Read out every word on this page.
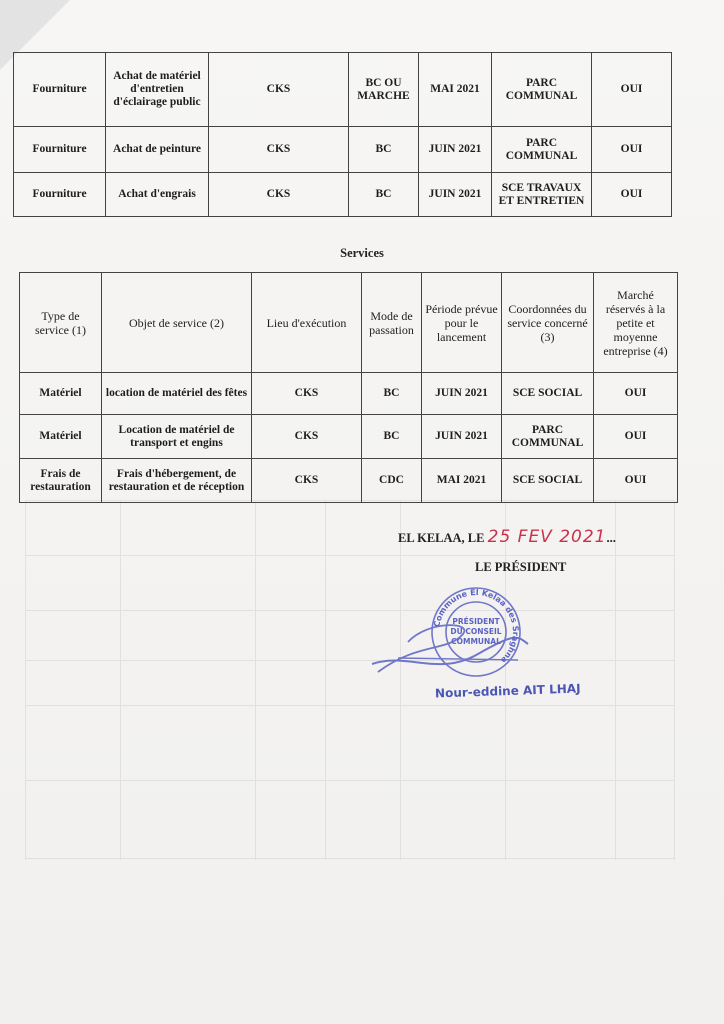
Fourniture	Achat de matériel d'entretien d'éclairage public	CKS	BC OU MARCHE	MAI 2021	PARC COMMUNAL	OUI
Fourniture	Achat de peinture	CKS	BC	JUIN 2021	PARC COMMUNAL	OUI
Fourniture	Achat d'engrais	CKS	BC	JUIN 2021	SCE TRAVAUX ET ENTRETIEN	OUI
Services
Type de service (1)	Objet de service (2)	Lieu d'exécution	Mode de passation	Période prévue pour le lancement	Coordonnées du service concerné (3)	Marché réservés à la petite et moyenne entreprise (4)
Matériel	location de matériel des fêtes	CKS	BC	JUIN 2021	SCE SOCIAL	OUI
Matériel	Location de matériel de transport et engins	CKS	BC	JUIN 2021	PARC COMMUNAL	OUI
Frais de restauration	Frais d'hébergement, de restauration et de réception	CKS	CDC	MAI 2021	SCE SOCIAL	OUI
EL KELAA, LE 25 FEV 2021...
LE PRÉSIDENT
Commune El Kelaa des Sraghna
PRÉSIDENT
DU CONSEIL
COMMUNAL
Nour-eddine AIT LHAJ
